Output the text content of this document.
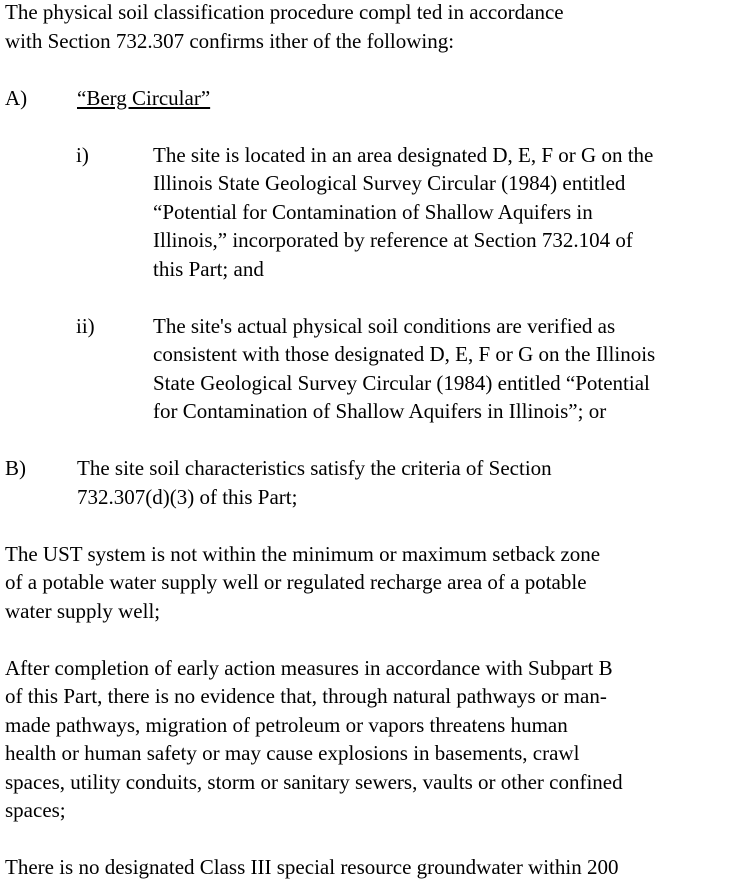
The physical soil classification procedure compl ted in accordance
with Section 732.307 confirms ither of the following:

A) “Berg Circular”
i)	The site is located in an area designated D, E, F or G on the
Illinois State Geological Survey Circular (1984) entitled
“Potential for Contamination of Shallow Aquifers in
Illinois,” incorporated by reference at Section 732.104 of
this Part; and
ii)	The site's actual physical soil conditions are verified as
consistent with those designated D, E, F or G on the Illinois
State Geological Survey Circular (1984) entitled “Potential
for Contamination of Shallow Aquifers in Illinois”; or
B) The site soil characteristics satisfy the criteria of Section
732.307(d)(3) of this Part;

The UST system is not within the minimum or maximum setback zone
of a potable water supply well or regulated recharge area of a potable
water supply well;

After completion of early action measures in accordance with Subpart B
of this Part, there is no evidence that, through natural pathways or man-
made pathways, migration of petroleum or vapors threatens human
health or human safety or may cause explosions in basements, crawl
spaces, utility conduits, storm or sanitary sewers, vaults or other confined
spaces;

There is no designated Class III special resource groundwater within 200
